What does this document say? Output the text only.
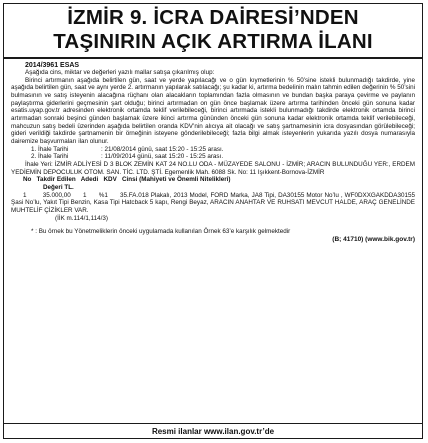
İZMİR 9. İCRA DAİRESİ’NDEN
TAŞINIRIN AÇIK ARTIRMA İLANI
2014/3961 ESAS
Aşağıda cins, miktar ve değerleri yazılı mallar satışa çıkarılmış olup:
Birinci artırmanın aşağıda belirtilen gün, saat ve yerde yapılacağı ve o gün kıymetlerinin % 50’sine istekli bulunmadığı takdirde, yine aşağıda belirtilen gün, saat ve aynı yerde 2. artırmanın yapılarak satılacağı; şu kadar ki, artırma bedelinin malın tahmin edilen değerinin % 50’sini bulmasının ve satış isteyenin alacağına rüçhanı olan alacakların toplamından fazla olmasının ve bundan başka paraya çevirme ve paylanın paylaştırma giderlerini geçmesinin şart olduğu; birinci artırmadan on gün önce başlamak üzere artırma tarihinden önceki gün sonuna kadar esatis.uyap.gov.tr adresinden elektronik ortamda teklif verilebileceği, birinci artırmada istekli bulunmadığı takdirde elektronik ortamda birinci artırmadan sonraki beşinci günden başlamak üzere ikinci artırma gününden önceki gün sonuna kadar elektronik ortamda teklif verilebileceği, mahcuzun satış bedeli üzerinden aşağıda belirtilen oranda KDV’nin alıcıya ait olacağı ve satış şartnamesinin icra dosyasından görülebileceği; gideri verildiği takdirde şartnamenin bir örneğinin isteyene gönderilebileceği; fazla bilgi almak isteyenlerin yukarıda yazılı dosya numarasıyla dairemize başvurmaları ilan olunur.
1. İhale Tarihi	: 21/08/2014 günü, saat 15:20 - 15:25 arası.
2. İhale Tarihi	: 11/09/2014 günü, saat 15:20 - 15:25 arası.
İhale Yeri: İZMİR ADLİYESİ D 3 BLOK ZEMİN KAT 24 NO.LU ODA - MÜZAYEDE SALONU - İZMİR; ARACIN BULUNDUĞU YER:, ERDEM YEDİEMİN DEPOCULUK OTOM. SAN. TİC. LTD. ŞTİ. Egemenlik Mah. 6088 Sk. No: 11 Işıkkent-Bornova-İZMİR
No   Takdir Edilen   Adedi   KDV   Cinsi (Mahiyeti ve Önemli Nitelikleri)
Değeri TL.
1        35.000,00      1      %1      35.FA.018 Plakalı, 2013 Model, FORD Marka, JA8 Tipi, DA30155 Motor No’lu , WF0DXXGAKDDA30155 Şasi No’lu, Yakıt Tipi Benzin, Kasa Tipi Hatcback 5 kapı, Rengi Beyaz, ARACIN ANAHTAR VE RUHSATI MEVCUT HALDE, ARAÇ GENELİNDE MUHTELİF ÇİZİKLER VAR.
(İİK m.114/1,114/3)
* : Bu örnek bu Yönetmeliklerin önceki uygulamada kullanılan Örnek 63’e karşılık gelmektedir
(B; 41710) (www.bik.gov.tr)
Resmi ilanlar www.ilan.gov.tr’de
